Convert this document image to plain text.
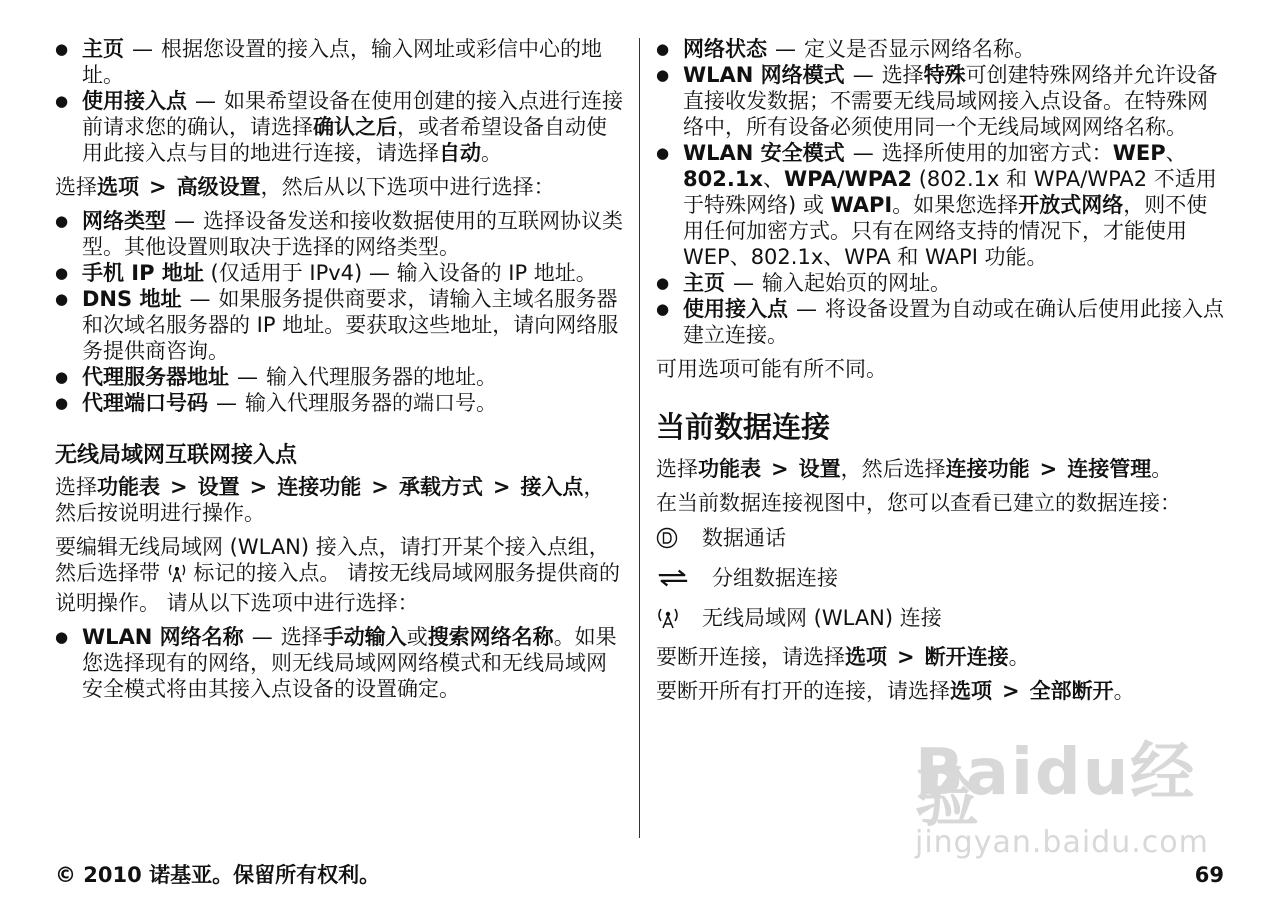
● 主页 — 根据您设置的接入点，输入网址或彩信中心的地址。
● 使用接入点 — 如果希望设备在使用创建的接入点进行连接前请求您的确认，请选择确认之后，或者希望设备自动使用此接入点与目的地进行连接，请选择自动。

选择选项 > 高级设置，然后从以下选项中进行选择：

● 网络类型 — 选择设备发送和接收数据使用的互联网协议类型。其他设置则取决于选择的网络类型。
● 手机 IP 地址 (仅适用于 IPv4) — 输入设备的 IP 地址。
● DNS 地址 — 如果服务提供商要求，请输入主域名服务器和次域名服务器的 IP 地址。要获取这些地址，请向网络服务提供商咨询。
● 代理服务器地址 — 输入代理服务器的地址。
● 代理端口号码 — 输入代理服务器的端口号。
无线局域网互联网接入点

选择功能表 > 设置 > 连接功能 > 承载方式 > 接入点，然后按说明进行操作。

要编辑无线局域网 (WLAN) 接入点，请打开某个接入点组，然后选择带 标记的接入点。 请按无线局域网服务提供商的说明操作。 请从以下选项中进行选择：

● WLAN 网络名称 — 选择手动输入或搜索网络名称。如果您选择现有的网络，则无线局域网网络模式和无线局域网安全模式将由其接入点设备的设置确定。
● 网络状态 — 定义是否显示网络名称。
● WLAN 网络模式 — 选择特殊可创建特殊网络并允许设备直接收发数据；不需要无线局域网接入点设备。在特殊网络中，所有设备必须使用同一个无线局域网网络名称。
● WLAN 安全模式 — 选择所使用的加密方式：WEP、802.1x、WPA/WPA2 (802.1x 和 WPA/WPA2 不适用于特殊网络) 或 WAPI。如果您选择开放式网络，则不使用任何加密方式。只有在网络支持的情况下，才能使用 WEP、802.1x、WPA 和 WAPI 功能。
● 主页 — 输入起始页的网址。
● 使用接入点 — 将设备设置为自动或在确认后使用此接入点建立连接。

可用选项可能有所不同。

当前数据连接

选择功能表 > 设置，然后选择连接功能 > 连接管理。

在当前数据连接视图中，您可以查看已建立的数据连接：

数据通话
分组数据连接
无线局域网 (WLAN) 连接

要断开连接，请选择选项 > 断开连接。

要断开所有打开的连接，请选择选项 > 全部断开。

Baidu经验
jingyan.baidu.com
© 2010 诺基亚。保留所有权利。	69
